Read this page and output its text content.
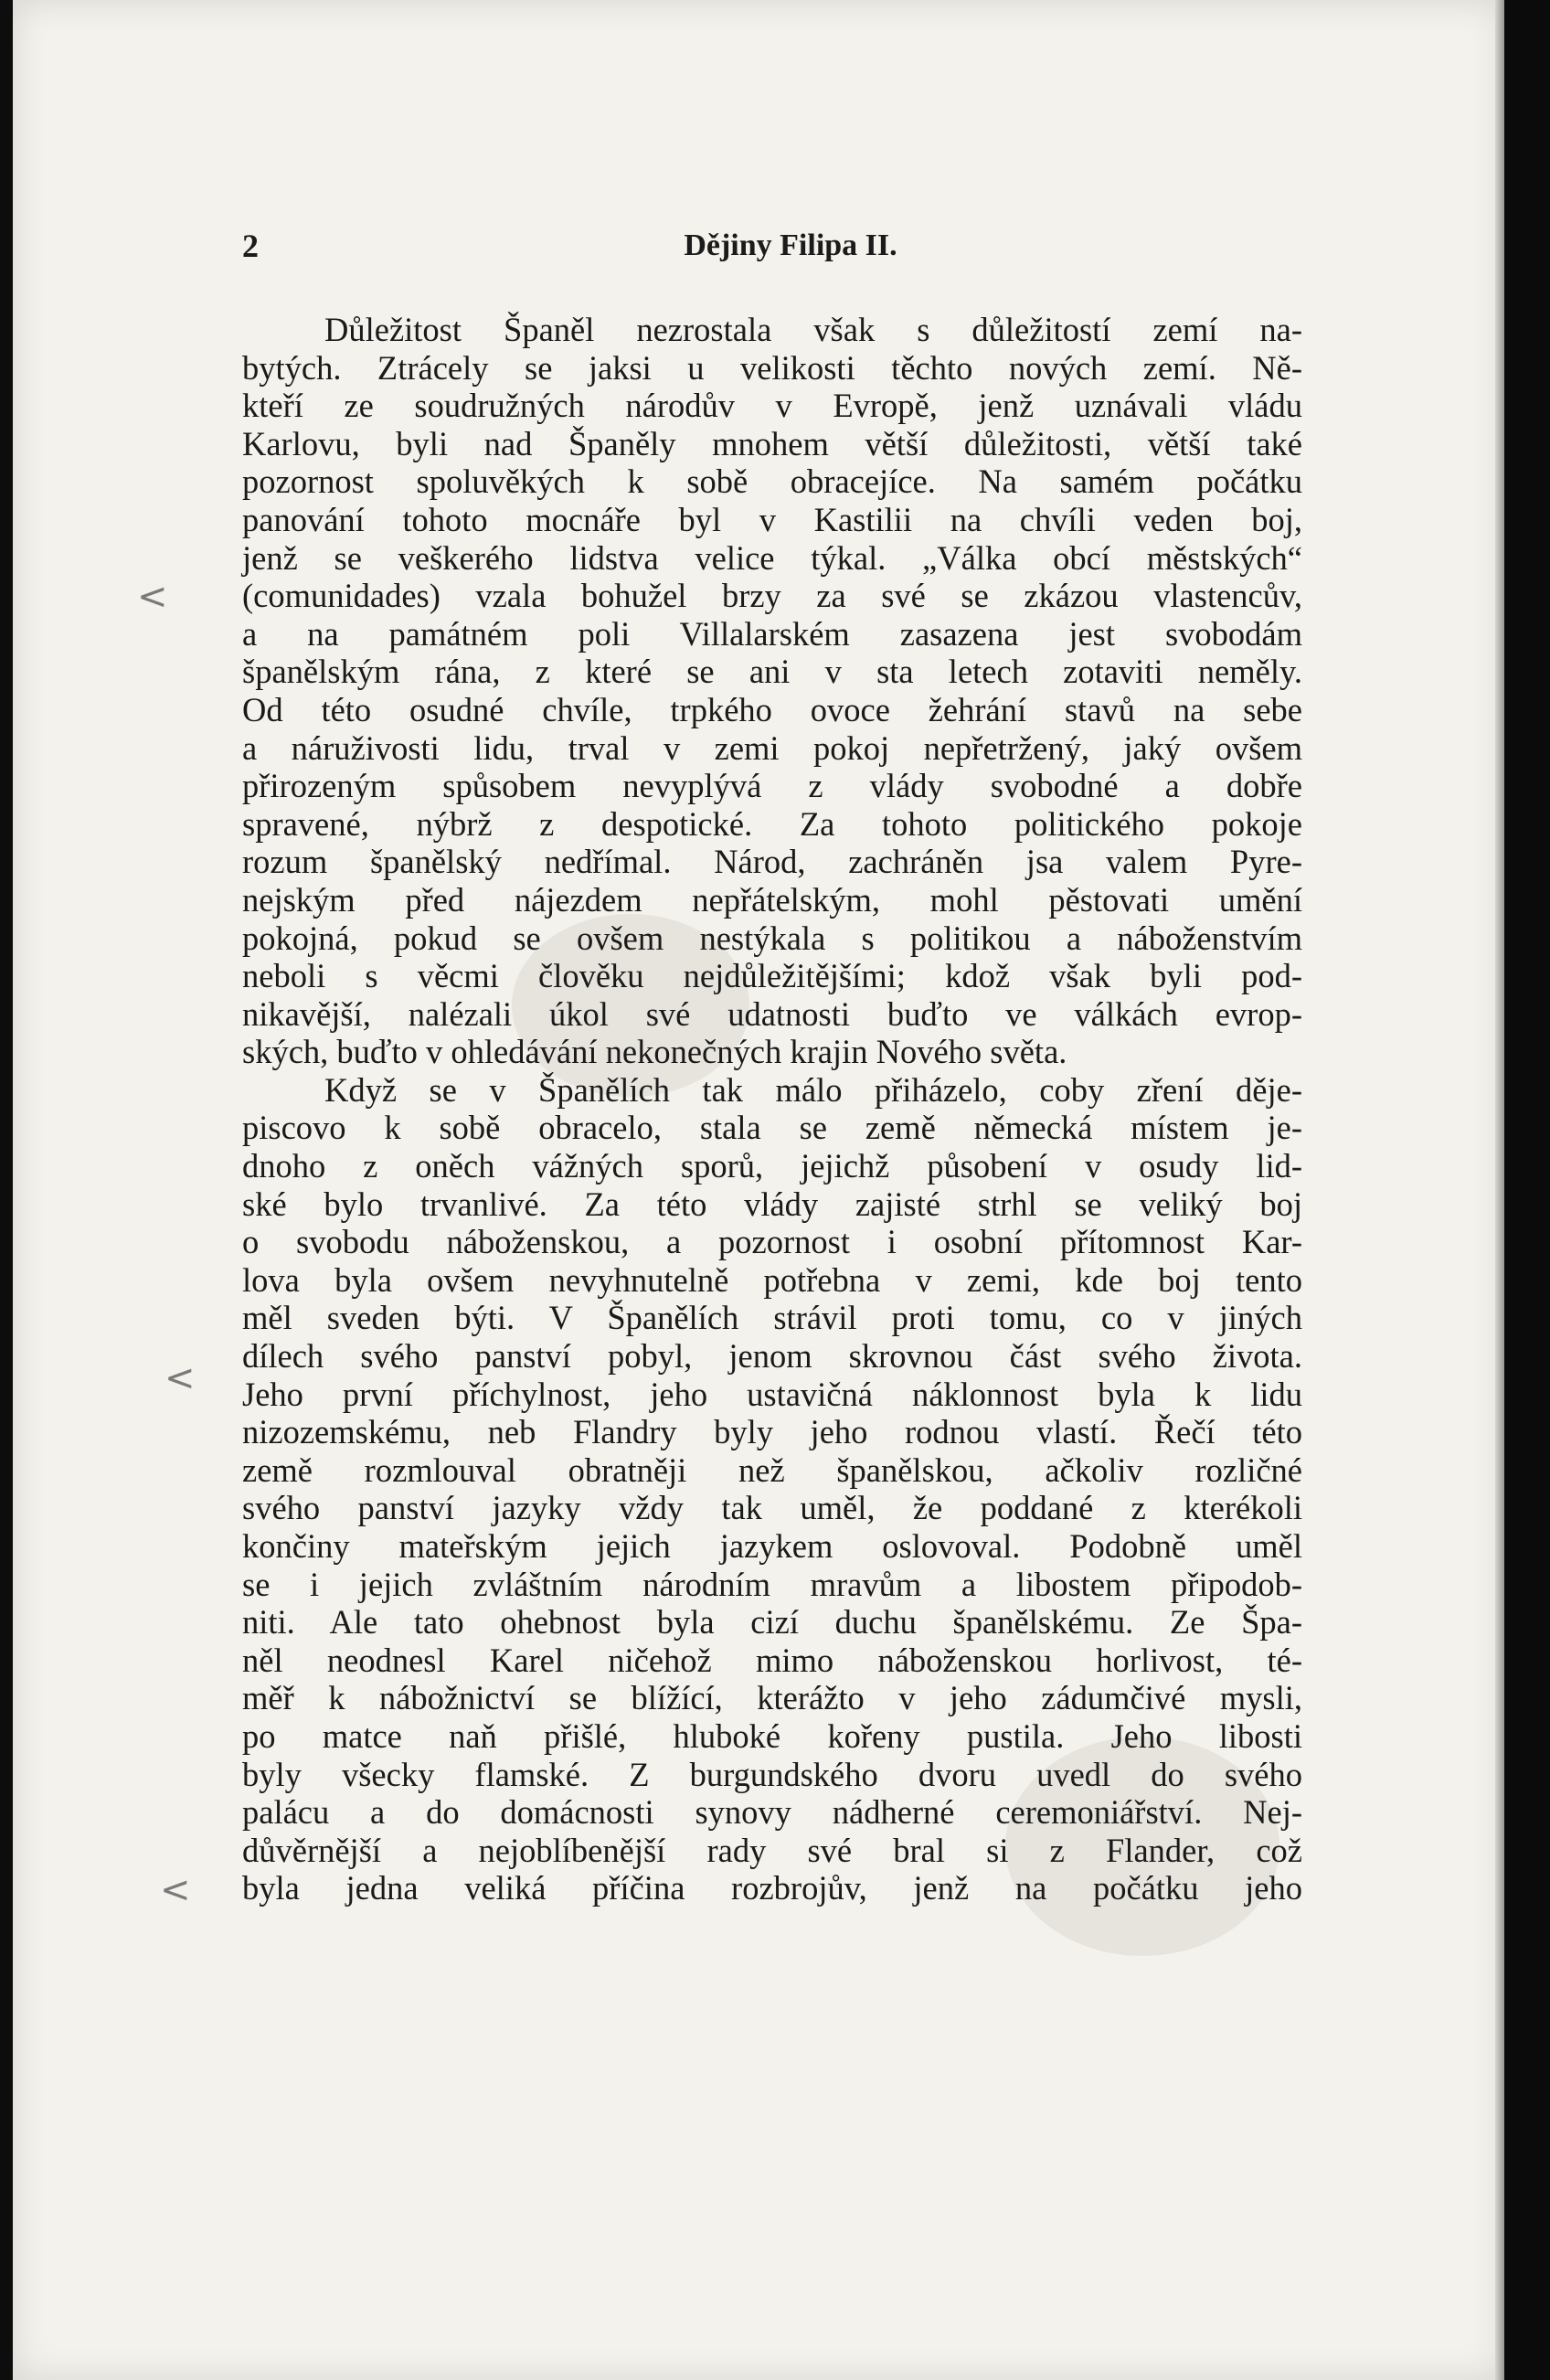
2	Dějiny Filipa II.
Důležitost Španěl nezrostala však s důležitostí zemí na-
bytých. Ztrácely se jaksi u velikosti těchto nových zemí. Ně-
kteří ze soudružných národův v Evropě, jenž uznávali vládu
Karlovu, byli nad Španěly mnohem větší důležitosti, větší také
pozornost spoluvěkých k sobě obracejíce. Na samém počátku
panování tohoto mocnáře byl v Kastilii na chvíli veden boj,
jenž se veškerého lidstva velice týkal. „Válka obcí městských“
(comunidades) vzala bohužel brzy za své se zkázou vlastencův,
a na památném poli Villalarském zasazena jest svobodám
španělským rána, z které se ani v sta letech zotaviti neměly.
Od této osudné chvíle, trpkého ovoce žehrání stavů na sebe
a náruživosti lidu, trval v zemi pokoj nepřetržený, jaký ovšem
přirozeným spůsobem nevyplývá z vlády svobodné a dobře
spravené, nýbrž z despotické. Za tohoto politického pokoje
rozum španělský nedřímal. Národ, zachráněn jsa valem Pyre-
nejským před nájezdem nepřátelským, mohl pěstovati umění
pokojná, pokud se ovšem nestýkala s politikou a náboženstvím
neboli s věcmi člověku nejdůležitějšími; kdož však byli pod-
nikavější, nalézali úkol své udatnosti buďto ve válkách evrop-
ských, buďto v ohledávání nekonečných krajin Nového světa.
Když se v Španělích tak málo přiházelo, coby zření děje-
piscovo k sobě obracelo, stala se země německá místem je-
dnoho z oněch vážných sporů, jejichž působení v osudy lid-
ské bylo trvanlivé. Za této vlády zajisté strhl se veliký boj
o svobodu náboženskou, a pozornost i osobní přítomnost Kar-
lova byla ovšem nevyhnutelně potřebna v zemi, kde boj tento
měl sveden býti. V Španělích strávil proti tomu, co v jiných
dílech svého panství pobyl, jenom skrovnou část svého života.
Jeho první příchylnost, jeho ustavičná náklonnost byla k lidu
nizozemskému, neb Flandry byly jeho rodnou vlastí. Řečí této
země rozmlouval obratněji než španělskou, ačkoliv rozličné
svého panství jazyky vždy tak uměl, že poddané z kterékoli
končiny mateřským jejich jazykem oslovoval. Podobně uměl
se i jejich zvláštním národním mravům a libostem připodob-
niti. Ale tato ohebnost byla cizí duchu španělskému. Ze Špa-
něl neodnesl Karel ničehož mimo náboženskou horlivost, té-
měř k nábožnictví se blížící, kterážto v jeho zádumčivé mysli,
po matce naň přišlé, hluboké kořeny pustila. Jeho libosti
byly všecky flamské. Z burgundského dvoru uvedl do svého
palácu a do domácnosti synovy nádherné ceremoniářství. Nej-
důvěrnější a nejoblíbenější rady své bral si z Flander, což
byla jedna veliká příčina rozbrojův, jenž na počátku jeho
<
<
<
